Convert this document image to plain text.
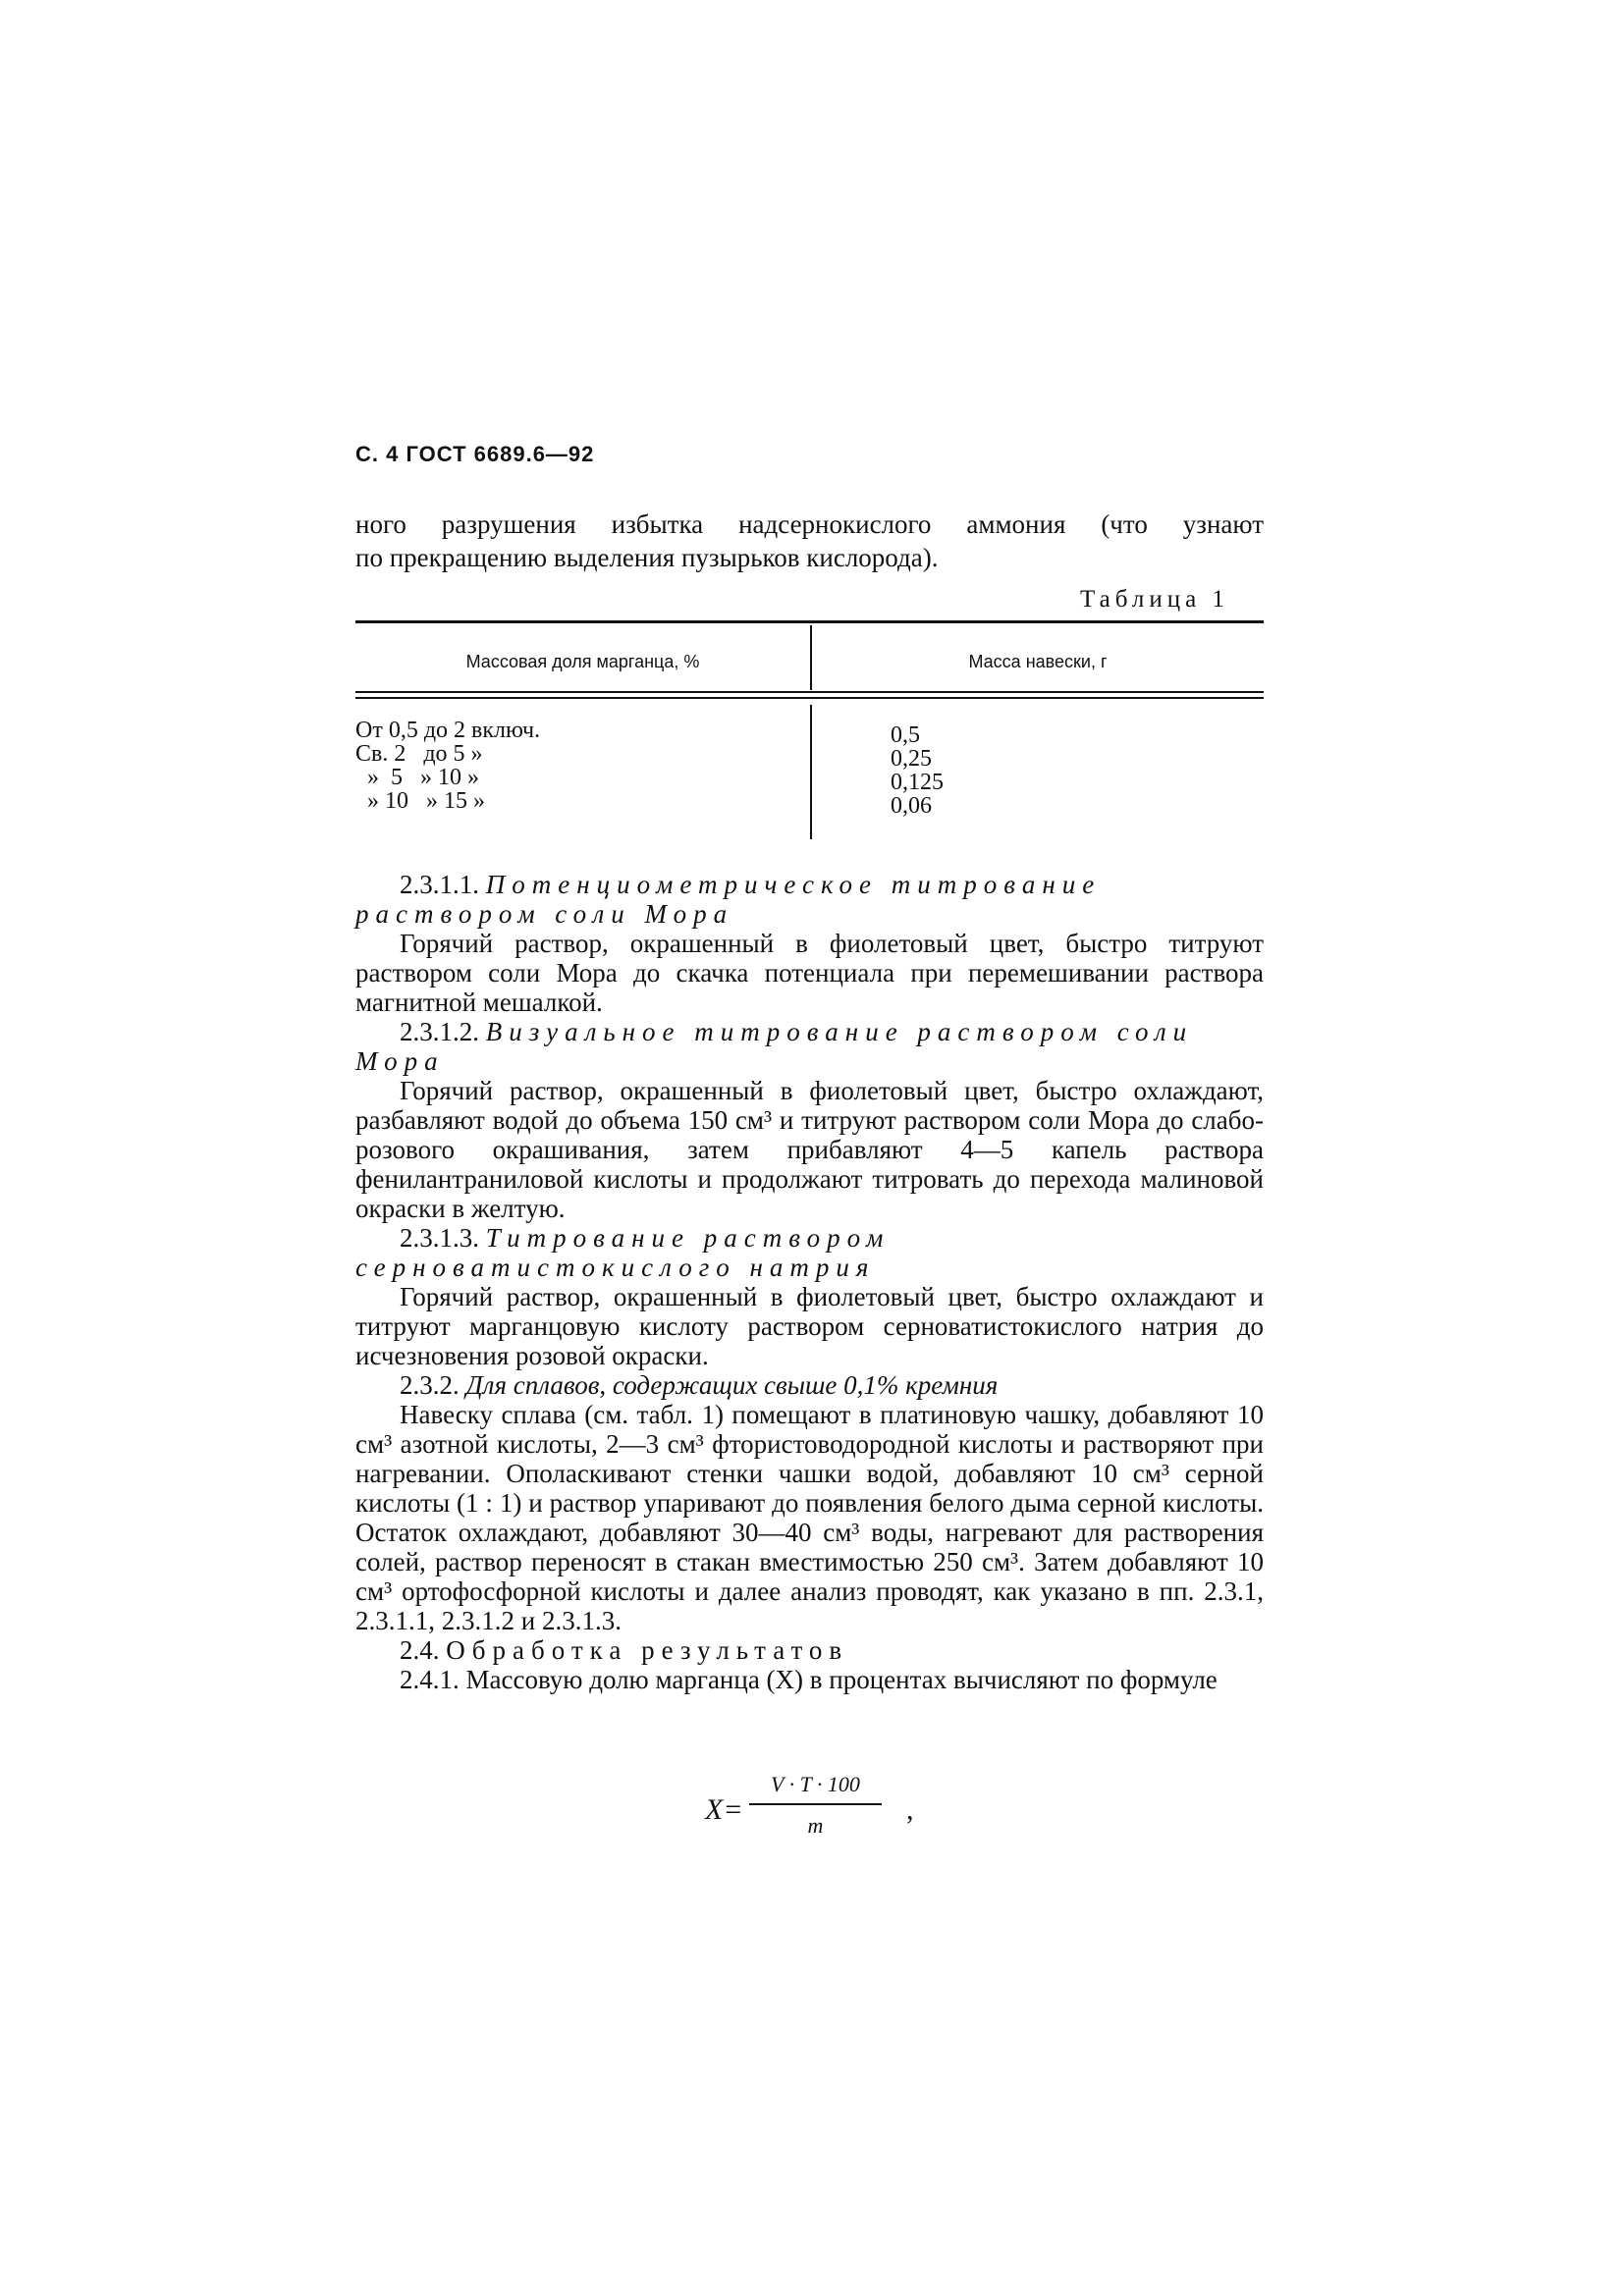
С. 4 ГОСТ 6689.6—92

ного разрушения избытка надсернокислого аммония (что узнают

по прекращению выделения пузырьков кислорода).

Таблица 1
Массовая доля марганца, %	Масса навески, г
От 0,5 до 2 включ.
Св. 2   до 5 »
»  5   » 10 »
» 10   » 15 »
0,5
0,25
0,125
0,06

2.3.1.1. Потенциометрическое титрование раствором соли Мора

Горячий раствор, окрашенный в фиолетовый цвет, быстро титруют раствором соли Мора до скачка потенциала при перемешивании раствора магнитной мешалкой.

2.3.1.2. Визуальное титрование раствором соли Мора

Горячий раствор, окрашенный в фиолетовый цвет, быстро охлаждают, разбавляют водой до объема 150 см³ и титруют раствором соли Мора до слабо-розового окрашивания, затем прибавляют 4—5 капель раствора фенилантраниловой кислоты и продолжают титровать до перехода малиновой окраски в желтую.

2.3.1.3. Титрование раствором серноватистокислого натрия

Горячий раствор, окрашенный в фиолетовый цвет, быстро охлаждают и титруют марганцовую кислоту раствором серноватистокислого натрия до исчезновения розовой окраски.

2.3.2. Для сплавов, содержащих свыше 0,1% кремния

Навеску сплава (см. табл. 1) помещают в платиновую чашку, добавляют 10 см³ азотной кислоты, 2—3 см³ фтористоводородной кислоты и растворяют при нагревании. Ополаскивают стенки чашки водой, добавляют 10 см³ серной кислоты (1 : 1) и раствор упаривают до появления белого дыма серной кислоты. Остаток охлаждают, добавляют 30—40 см³ воды, нагревают для растворения солей, раствор переносят в стакан вместимостью 250 см³. Затем добавляют 10 см³ ортофосфорной кислоты и далее анализ проводят, как указано в пп. 2.3.1, 2.3.1.1, 2.3.1.2 и 2.3.1.3.

2.4. Обработка результатов

2.4.1. Массовую долю марганца (X) в процентах вычисляют по формуле

X=
V · T · 100
m	,
